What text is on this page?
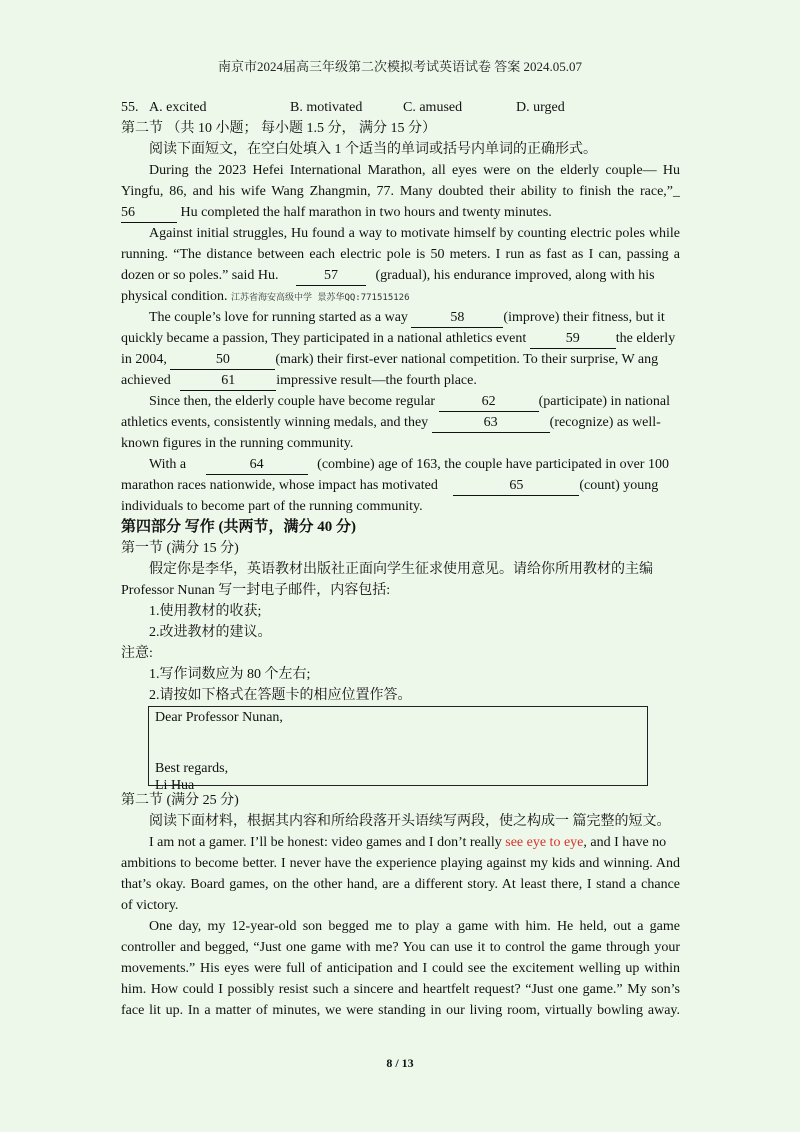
南京市2024届高三年级第二次模拟考试英语试卷 答案 2024.05.07
55. A. excited	B. motivated	C. amused	D. urged
第二节 （共 10 小题； 每小题 1.5 分， 满分 15 分）
阅读下面短文，在空白处填入 1 个适当的单词或括号内单词的正确形式。
During the 2023 Hefei International Marathon, all eyes were on the elderly couple— Hu
Yingfu, 86, and his wife Wang Zhangmin, 77. Many doubted their ability to finish the race,”_
56	Hu completed the half marathon in two hours and twenty minutes.
Against initial struggles, Hu found a way to motivate himself by counting electric poles while
running. “The distance between each electric pole is 50 meters. I run as fast as I can, passing a
dozen or so poles.” said Hu.	57	(gradual), his endurance improved, along with his
physical condition. 江苏省海安高级中学 景苏华QQ:771515126
The couple’s love for running started as a way	58	(improve) their fitness, but it
quickly became a passion, They participated in a national athletics event	59	the elderly
in 2004,	50	(mark) their first-ever national competition. To their surprise, W ang
achieved	61	impressive result—the fourth place.
Since then, the elderly couple have become regular	62	(participate) in national
athletics events, consistently winning medals, and they	63	(recognize) as well-
known figures in the running community.
With a	64	(combine) age of 163, the couple have participated in over 100
marathon races nationwide, whose impact has motivated	65	(count) young
individuals to become part of the running community.
第四部分 写作 (共两节，满分 40 分)
第一节 (满分 15 分)
假定你是李华，英语教材出版社正面向学生征求使用意见。请给你所用教材的主编
Professor Nunan 写一封电子邮件，内容包括:
1.使用教材的收获;
2.改进教材的建议。
注意:
1.写作词数应为 80 个左右;
2.请按如下格式在答题卡的相应位置作答。
Dear Professor Nunan,
Best regards,
Li Hua
第二节 (满分 25 分)
阅读下面材料，根据其内容和所给段落开头语续写两段，使之构成一 篇完整的短文。
I am not a gamer. I’ll be honest: video games and I don’t really see eye to eye, and I have no
ambitions to become better. I never have the experience playing against my kids and winning. And
that’s okay. Board games, on the other hand, are a different story. At least there, I stand a chance
of victory.
One day, my 12-year-old son begged me to play a game with him. He held, out a game
controller and begged, “Just one game with me? You can use it to control the game through your
movements.” His eyes were full of anticipation and I could see the excitement welling up within
him. How could I possibly resist such a sincere and heartfelt request? “Just one game.” My son’s
face lit up. In a matter of minutes, we were standing in our living room, virtually bowling away.
8 / 13
